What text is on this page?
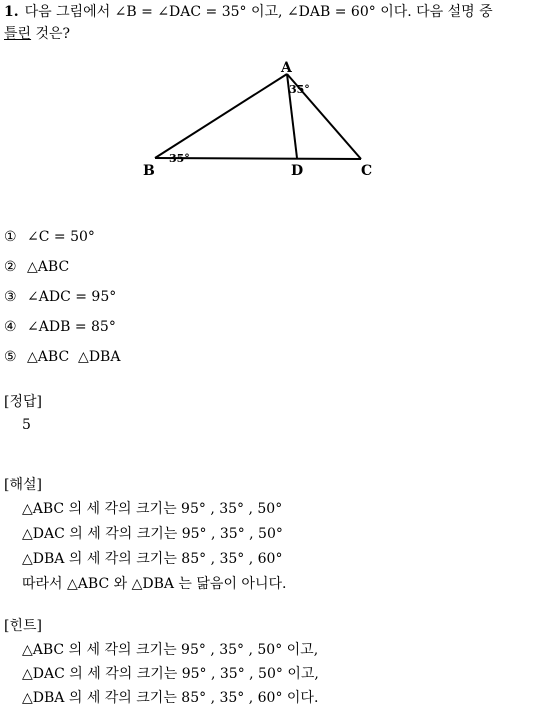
1. 다음 그림에서 ∠B = ∠DAC = 35° 이고, ∠DAB = 60° 이다. 다음 설명 중
틀린 것은?
A
B	C
D
35°
35°
① ∠C = 50°
② △ABC
③ ∠ADC = 95°
④ ∠ADB = 85°
⑤ △ABC  △DBA
[정답]
5
[해설]
△ABC 의 세 각의 크기는 95° , 35° , 50°
△DAC 의 세 각의 크기는 95° , 35° , 50°
△DBA 의 세 각의 크기는 85° , 35° , 60°
따라서 △ABC 와 △DBA 는 닮음이 아니다.
[힌트]
△ABC 의 세 각의 크기는 95° , 35° , 50° 이고,
△DAC 의 세 각의 크기는 95° , 35° , 50° 이고,
△DBA 의 세 각의 크기는 85° , 35° , 60° 이다.
